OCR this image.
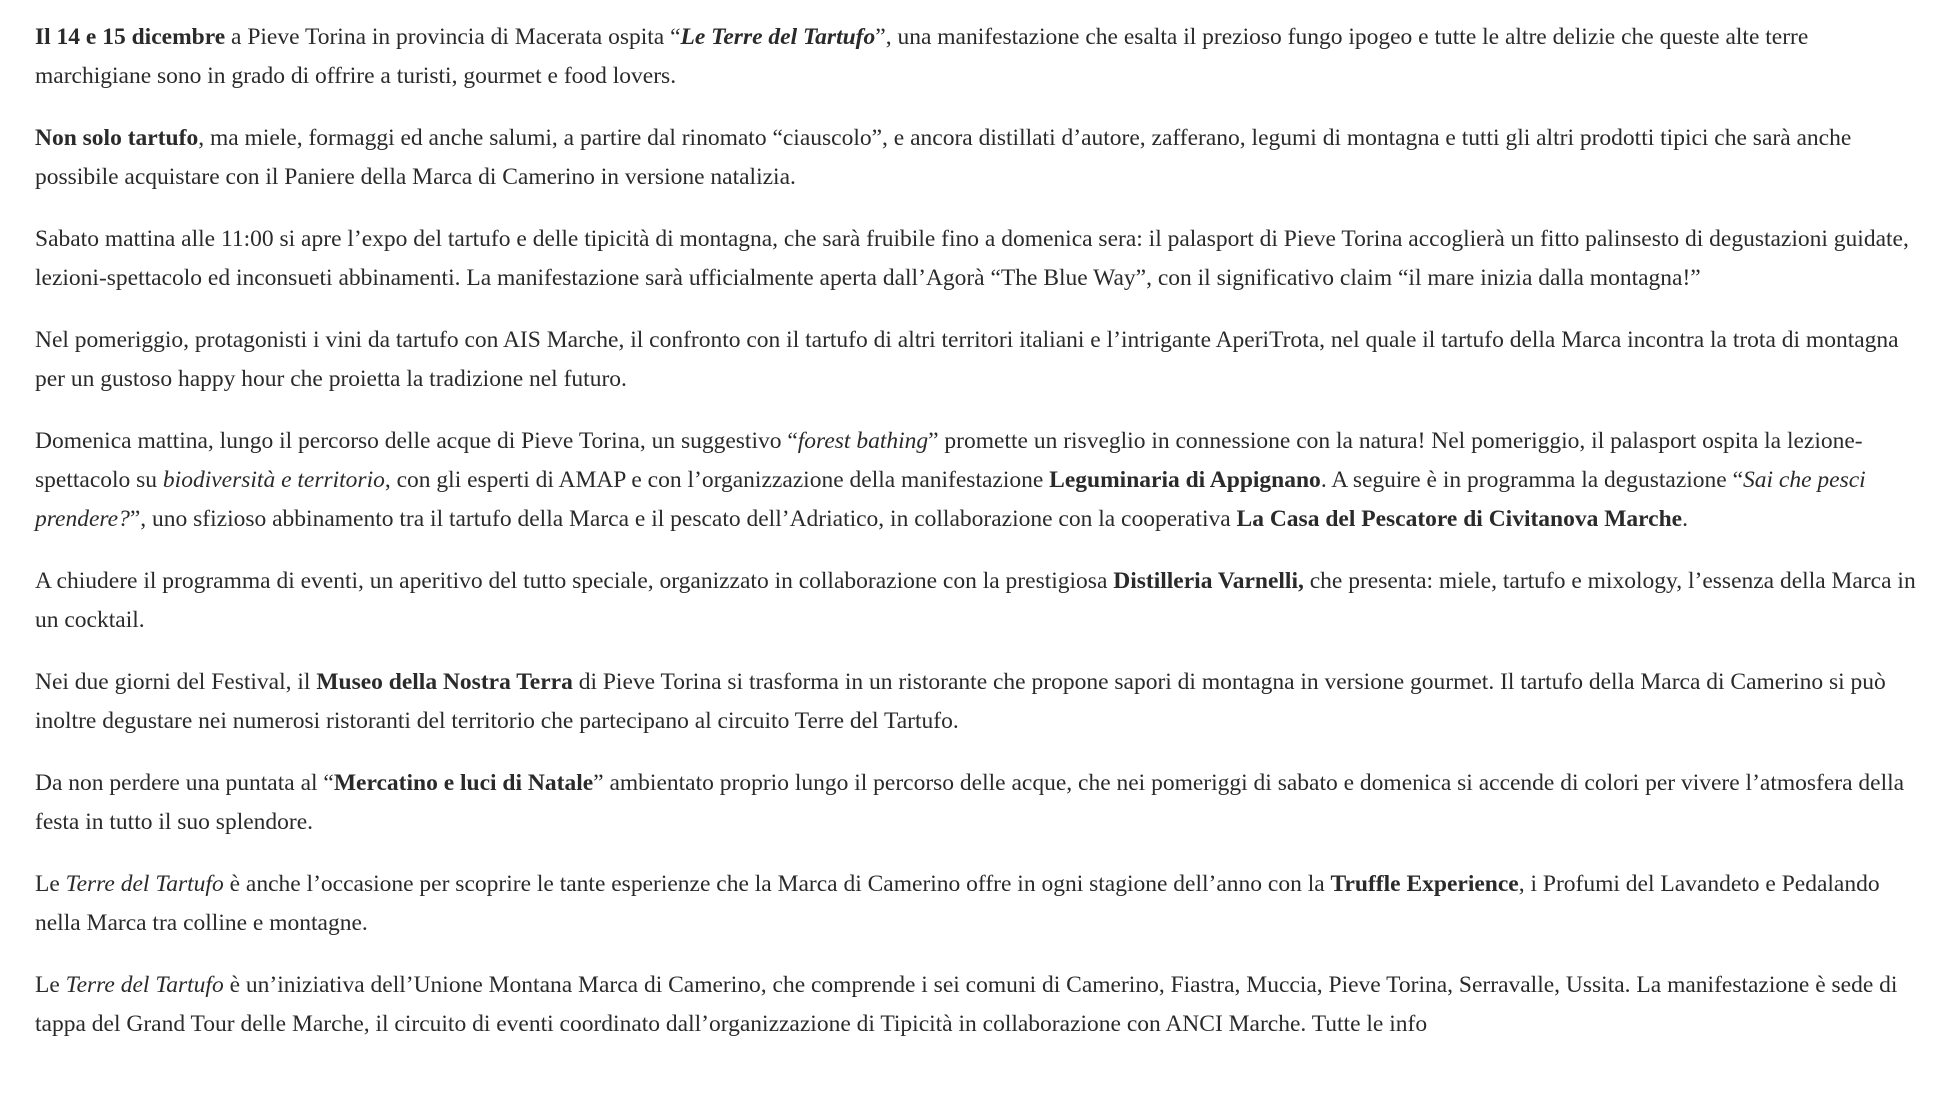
Il 14 e 15 dicembre a Pieve Torina in provincia di Macerata ospita “Le Terre del Tartufo”, una manifestazione che esalta il prezioso fungo ipogeo e tutte le altre delizie che queste alte terre marchigiane sono in grado di offrire a turisti, gourmet e food lovers.

Non solo tartufo, ma miele, formaggi ed anche salumi, a partire dal rinomato “ciauscolo”, e ancora distillati d’autore, zafferano, legumi di montagna e tutti gli altri prodotti tipici che sarà anche possibile acquistare con il Paniere della Marca di Camerino in versione natalizia.

Sabato mattina alle 11:00 si apre l’expo del tartufo e delle tipicità di montagna, che sarà fruibile fino a domenica sera: il palasport di Pieve Torina accoglierà un fitto palinsesto di degustazioni guidate, lezioni-spettacolo ed inconsueti abbinamenti. La manifestazione sarà ufficialmente aperta dall’Agorà “The Blue Way”, con il significativo claim “il mare inizia dalla montagna!”

Nel pomeriggio, protagonisti i vini da tartufo con AIS Marche, il confronto con il tartufo di altri territori italiani e l’intrigante AperiTrota, nel quale il tartufo della Marca incontra la trota di montagna per un gustoso happy hour che proietta la tradizione nel futuro.

Domenica mattina, lungo il percorso delle acque di Pieve Torina, un suggestivo “forest bathing” promette un risveglio in connessione con la natura! Nel pomeriggio, il palasport ospita la lezione-spettacolo su biodiversità e territorio, con gli esperti di AMAP e con l’organizzazione della manifestazione Leguminaria di Appignano. A seguire è in programma la degustazione “Sai che pesci prendere?”, uno sfizioso abbinamento tra il tartufo della Marca e il pescato dell’Adriatico, in collaborazione con la cooperativa La Casa del Pescatore di Civitanova Marche.

A chiudere il programma di eventi, un aperitivo del tutto speciale, organizzato in collaborazione con la prestigiosa Distilleria Varnelli, che presenta: miele, tartufo e mixology, l’essenza della Marca in un cocktail.

Nei due giorni del Festival, il Museo della Nostra Terra di Pieve Torina si trasforma in un ristorante che propone sapori di montagna in versione gourmet. Il tartufo della Marca di Camerino si può inoltre degustare nei numerosi ristoranti del territorio che partecipano al circuito Terre del Tartufo.

Da non perdere una puntata al “Mercatino e luci di Natale” ambientato proprio lungo il percorso delle acque, che nei pomeriggi di sabato e domenica si accende di colori per vivere l’atmosfera della festa in tutto il suo splendore.

Le Terre del Tartufo è anche l’occasione per scoprire le tante esperienze che la Marca di Camerino offre in ogni stagione dell’anno con la Truffle Experience, i Profumi del Lavandeto e Pedalando nella Marca tra colline e montagne.

Le Terre del Tartufo è un’iniziativa dell’Unione Montana Marca di Camerino, che comprende i sei comuni di Camerino, Fiastra, Muccia, Pieve Torina, Serravalle, Ussita. La manifestazione è sede di tappa del Grand Tour delle Marche, il circuito di eventi coordinato dall’organizzazione di Tipicità in collaborazione con ANCI Marche. Tutte le info
